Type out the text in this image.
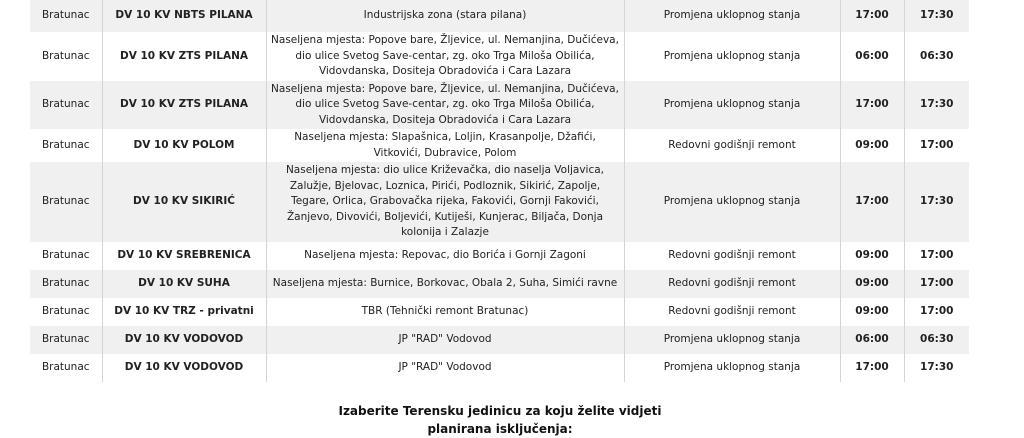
Bratunac	DV 10 KV NBTS PILANA	Industrijska zona (stara pilana)	Promjena uklopnog stanja	17:00	17:30
Bratunac	DV 10 KV ZTS PILANA	Naseljena mjesta: Popove bare, Žljevice, ul. Nemanjina, Dučićeva, dio ulice Svetog Save-centar, zg. oko Trga Miloša Obilića, Vidovdanska, Dositeja Obradovića i Cara Lazara	Promjena uklopnog stanja	06:00	06:30
Bratunac	DV 10 KV ZTS PILANA	Naseljena mjesta: Popove bare, Žljevice, ul. Nemanjina, Dučićeva, dio ulice Svetog Save-centar, zg. oko Trga Miloša Obilića, Vidovdanska, Dositeja Obradovića i Cara Lazara	Promjena uklopnog stanja	17:00	17:30
Bratunac	DV 10 KV POLOM	Naseljena mjesta: Slapašnica, Loljin, Krasanpolje, Džafići, Vitkovići, Dubravice, Polom	Redovni godišnji remont	09:00	17:00
Bratunac	DV 10 KV SIKIRIĆ	Naseljena mjesta: dio ulice Križevačka, dio naselja Voljavica, Zalužje, Bjelovac, Loznica, Pirići, Podloznik, Sikirić, Zapolje, Tegare, Orlica, Grabovačka rijeka, Fakovići, Gornji Fakovići, Žanjevo, Divovići, Boljevići, Kutiješi, Kunjerac, Biljača, Donja kolonija i Zalazje	Promjena uklopnog stanja	17:00	17:30
Bratunac	DV 10 KV SREBRENICA	Naseljena mjesta: Repovac, dio Borića i Gornji Zagoni	Redovni godišnji remont	09:00	17:00
Bratunac	DV 10 KV SUHA	Naseljena mjesta: Burnice, Borkovac, Obala 2, Suha, Simići ravne	Redovni godišnji remont	09:00	17:00
Bratunac	DV 10 KV TRZ - privatni	TBR (Tehnički remont Bratunac)	Redovni godišnji remont	09:00	17:00
Bratunac	DV 10 KV VODOVOD	JP "RAD" Vodovod	Promjena uklopnog stanja	06:00	06:30
Bratunac	DV 10 KV VODOVOD	JP "RAD" Vodovod	Promjena uklopnog stanja	17:00	17:30
Izaberite Terensku jedinicu za koju želite vidjeti
planirana isključenja:
